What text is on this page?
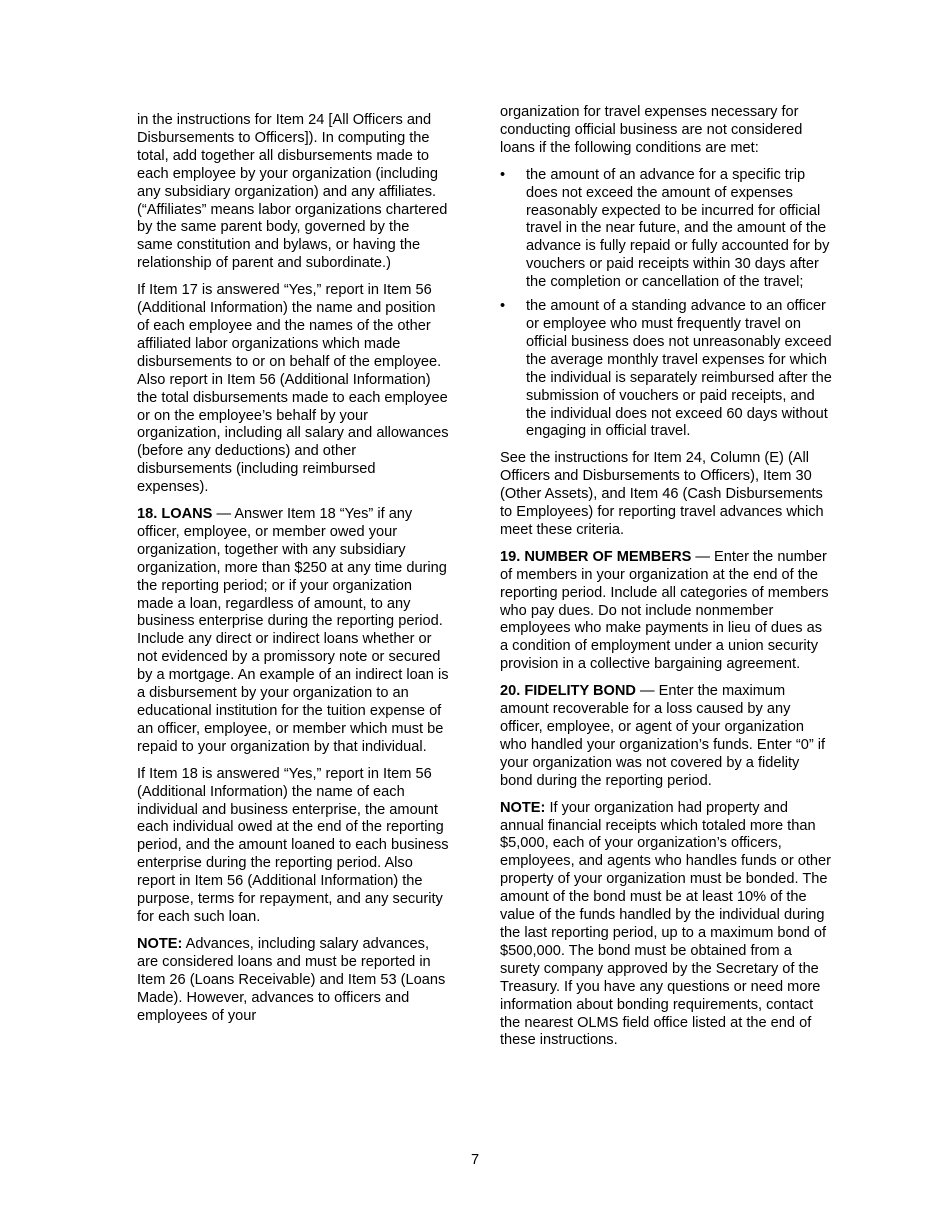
in the instructions for Item 24 [All Officers and Disbursements to Officers]). In computing the total, add together all disbursements made to each employee by your organization (including any subsidiary organization) and any affiliates. (“Affiliates” means labor organizations chartered by the same parent body, governed by the same constitution and bylaws, or having the relationship of parent and subordinate.)

If Item 17 is answered “Yes,” report in Item 56 (Additional Information) the name and position of each employee and the names of the other affiliated labor organizations which made disbursements to or on behalf of the employee. Also report in Item 56 (Additional Information) the total disbursements made to each employee or on the employee’s behalf by your organization, including all salary and allowances (before any deductions) and other disbursements (including reimbursed expenses).

18. LOANS — Answer Item 18 “Yes” if any officer, employee, or member owed your organization, together with any subsidiary organization, more than $250 at any time during the reporting period; or if your organization made a loan, regardless of amount, to any business enterprise during the reporting period. Include any direct or indirect loans whether or not evidenced by a promissory note or secured by a mortgage. An example of an indirect loan is a disbursement by your organization to an educational institution for the tuition expense of an officer, employee, or member which must be repaid to your organization by that individual.

If Item 18 is answered “Yes,” report in Item 56 (Additional Information) the name of each individual and business enterprise, the amount each individual owed at the end of the reporting period, and the amount loaned to each business enterprise during the reporting period. Also report in Item 56 (Additional Information) the purpose, terms for repayment, and any security for each such loan.

NOTE: Advances, including salary advances, are considered loans and must be reported in Item 26 (Loans Receivable) and Item 53 (Loans Made). However, advances to officers and employees of your

organization for travel expenses necessary for conducting official business are not considered loans if the following conditions are met:

• the amount of an advance for a specific trip does not exceed the amount of expenses reasonably expected to be incurred for official travel in the near future, and the amount of the advance is fully repaid or fully accounted for by vouchers or paid receipts within 30 days after the completion or cancellation of the travel;
• the amount of a standing advance to an officer or employee who must frequently travel on official business does not unreasonably exceed the average monthly travel expenses for which the individual is separately reimbursed after the submission of vouchers or paid receipts, and the individual does not exceed 60 days without engaging in official travel.

See the instructions for Item 24, Column (E) (All Officers and Disbursements to Officers), Item 30 (Other Assets), and Item 46 (Cash Disbursements to Employees) for reporting travel advances which meet these criteria.

19. NUMBER OF MEMBERS — Enter the number of members in your organization at the end of the reporting period. Include all categories of members who pay dues. Do not include nonmember employees who make payments in lieu of dues as a condition of employment under a union security provision in a collective bargaining agreement.

20. FIDELITY BOND — Enter the maximum amount recoverable for a loss caused by any officer, employee, or agent of your organization who handled your organization’s funds. Enter “0” if your organization was not covered by a fidelity bond during the reporting period.

NOTE: If your organization had property and annual financial receipts which totaled more than $5,000, each of your organization’s officers, employees, and agents who handles funds or other property of your organization must be bonded. The amount of the bond must be at least 10% of the value of the funds handled by the individual during the last reporting period, up to a maximum bond of $500,000. The bond must be obtained from a surety company approved by the Secretary of the Treasury. If you have any questions or need more information about bonding requirements, contact the nearest OLMS field office listed at the end of these instructions.

7
